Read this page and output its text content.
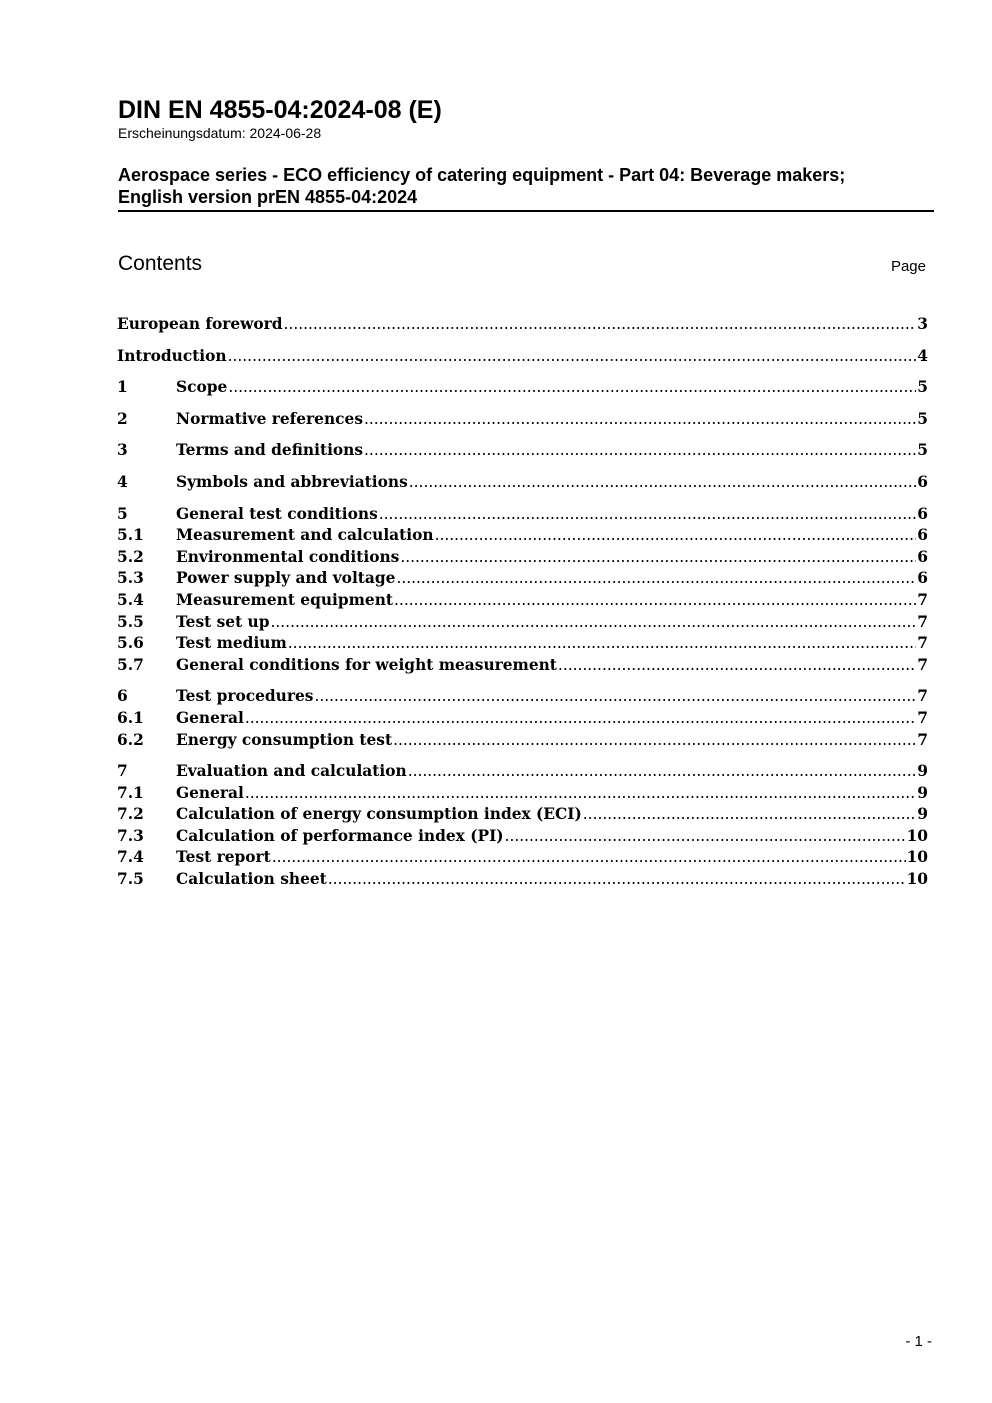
DIN EN 4855-04:2024-08 (E)

Erscheinungsdatum: 2024-06-28

Aerospace series - ECO efficiency of catering equipment - Part 04: Beverage makers;
English version prEN 4855-04:2024
Contents	Page
European foreword .....	3
Introduction .....	4
1	Scope .....	5
2	Normative references .....	5
3	Terms and definitions .....	5
4	Symbols and abbreviations .....	6
5	General test conditions .....	6
5.1	Measurement and calculation .....	6
5.2	Environmental conditions .....	6
5.3	Power supply and voltage .....	6
5.4	Measurement equipment .....	7
5.5	Test set up .....	7
5.6	Test medium .....	7
5.7	General conditions for weight measurement .....	7
6	Test procedures .....	7
6.1	General .....	7
6.2	Energy consumption test .....	7
7	Evaluation and calculation .....	9
7.1	General .....	9
7.2	Calculation of energy consumption index (ECI) .....	9
7.3	Calculation of performance index (PI) .....	10
7.4	Test report .....	10
7.5	Calculation sheet .....	10
- 1 -
